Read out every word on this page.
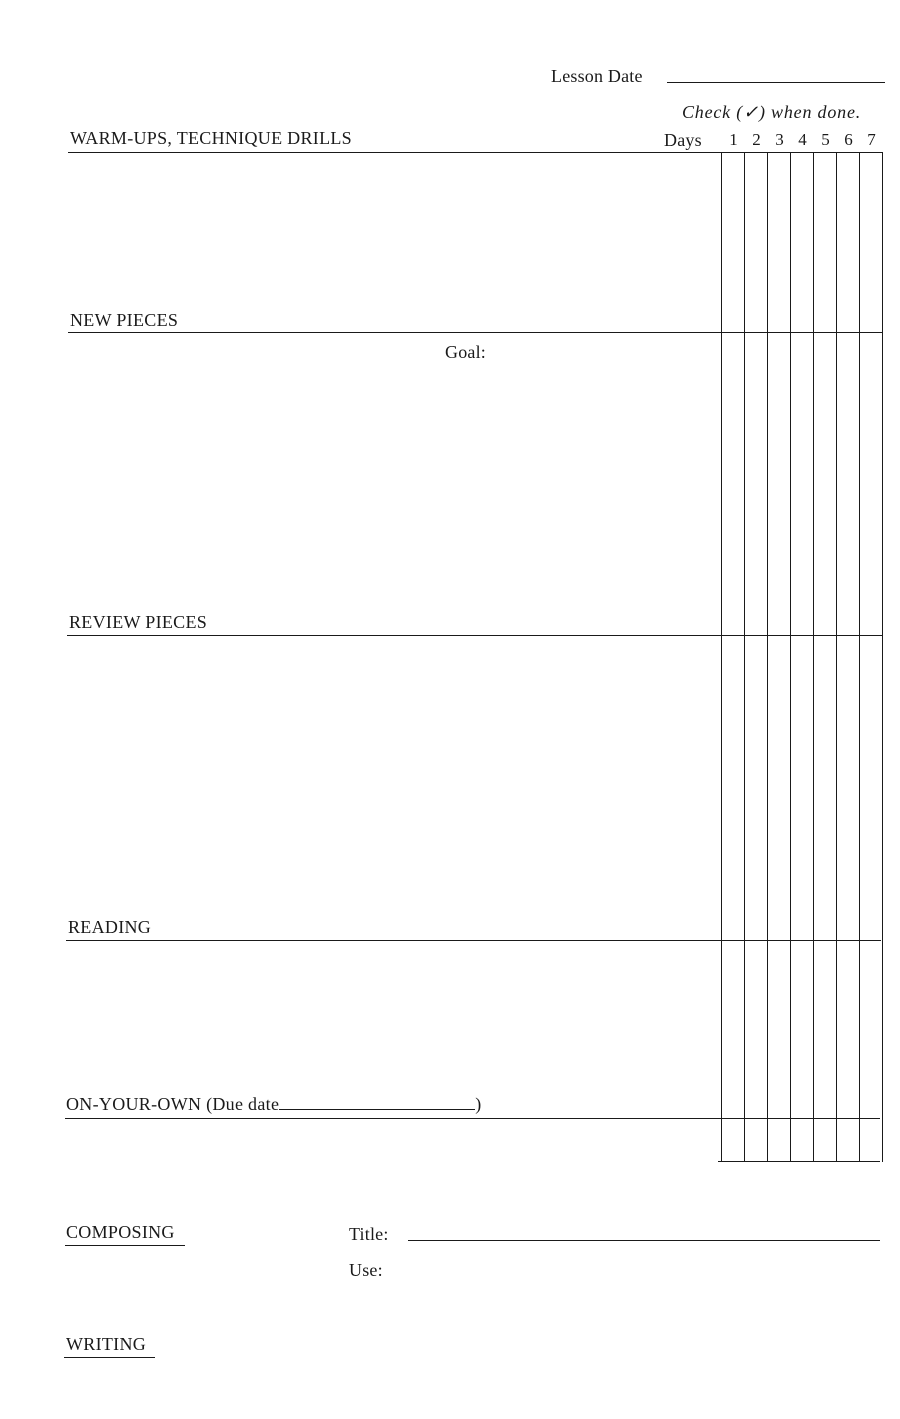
Lesson Date
Check (✓) when done.
WARM-UPS, TECHNIQUE DRILLS	Days	1 2 3 4 5 6 7
NEW PIECES
Goal:
REVIEW PIECES
READING
ON-YOUR-OWN (Due date	)
COMPOSING	Title:
Use:
WRITING
